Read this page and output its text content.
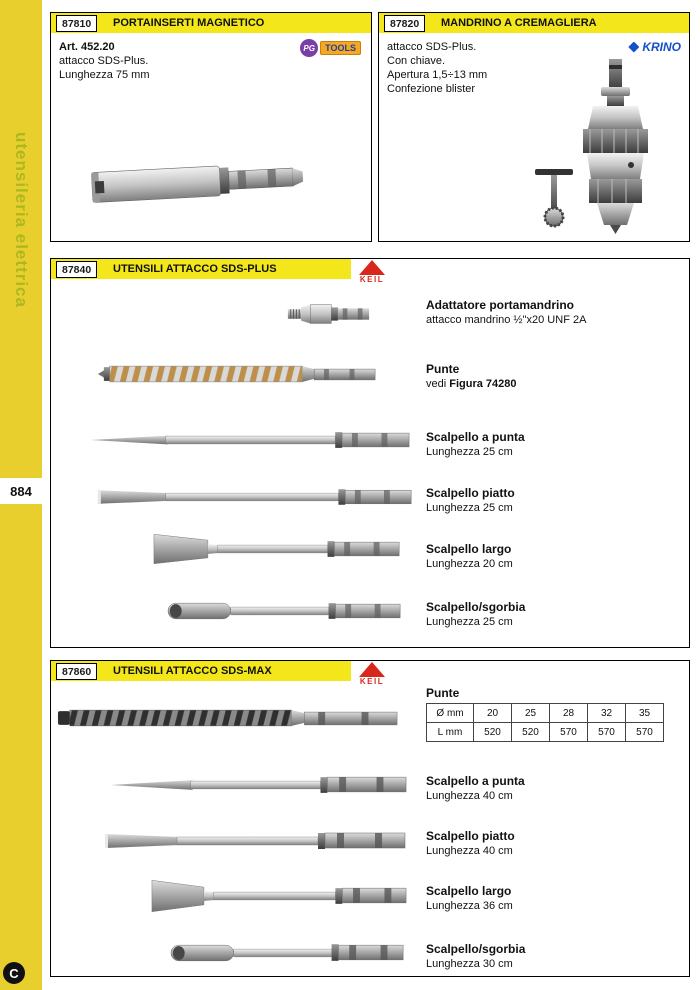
utensileria elettrica
884
C
87810	PORTAINSERTI MAGNETICO
Art. 452.20
attacco SDS-Plus.
Lunghezza 75 mm
PG	TOOLS
87820	MANDRINO A CREMAGLIERA
attacco SDS-Plus.
Con chiave.
Apertura 1,5÷13 mm
Confezione blister
KRINO
87840	UTENSILI ATTACCO SDS-PLUS
KEIL
Adattatore portamandrino
attacco mandrino ½"x20 UNF 2A
Punte
vedi Figura 74280
Scalpello a punta
Lunghezza 25 cm
Scalpello piatto
Lunghezza 25 cm
Scalpello largo
Lunghezza 20 cm
Scalpello/sgorbia
Lunghezza 25 cm
87860	UTENSILI ATTACCO SDS-MAX
KEIL
Punte
Ø mm	20	25	28	32	35
L mm	520	520	570	570	570
Scalpello a punta
Lunghezza 40 cm
Scalpello piatto
Lunghezza 40 cm
Scalpello largo
Lunghezza 36 cm
Scalpello/sgorbia
Lunghezza 30 cm
